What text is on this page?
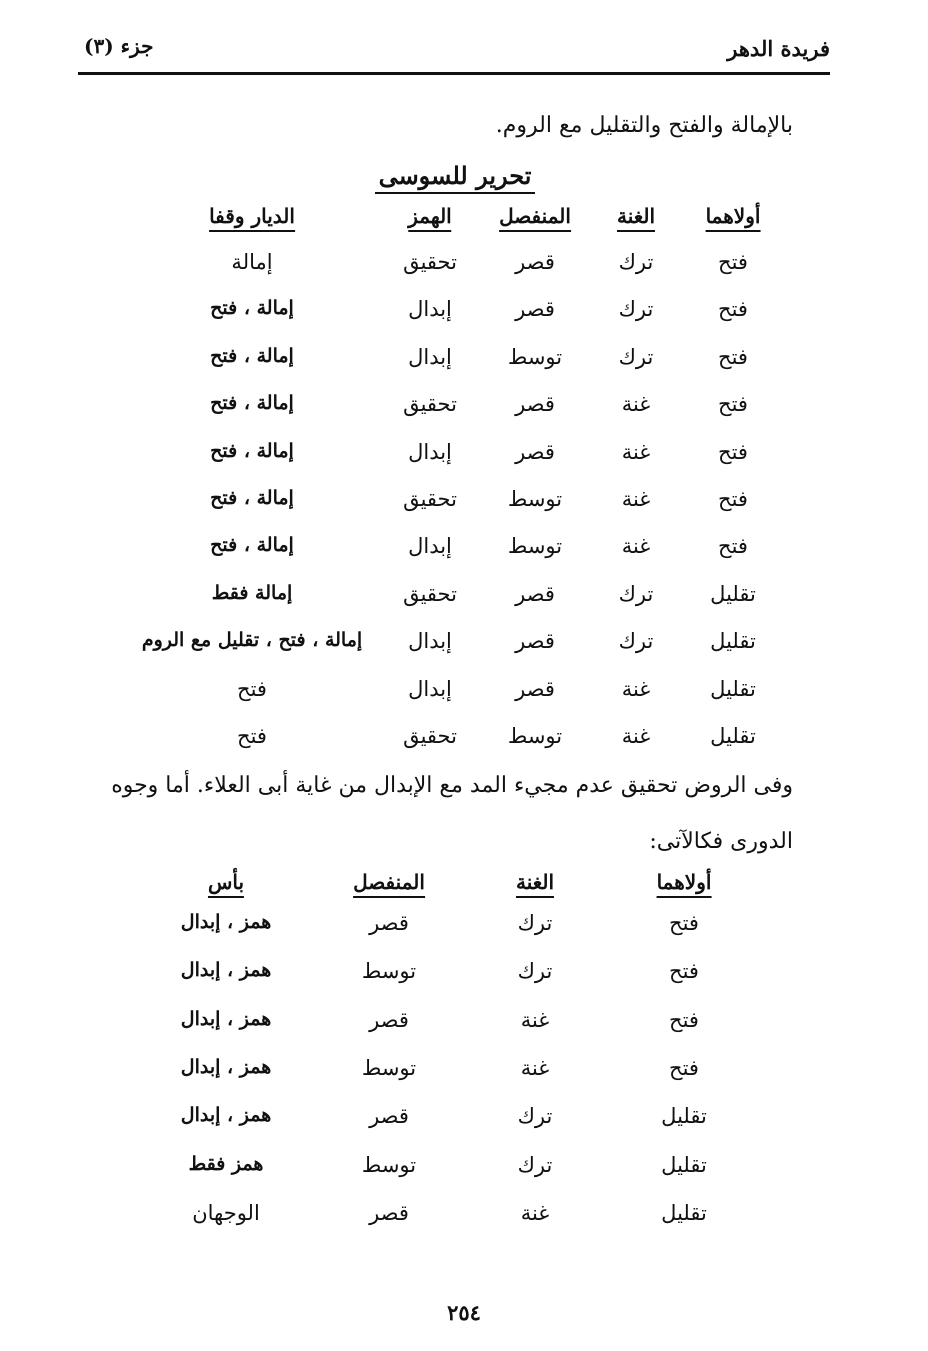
فريدة الدهر
جزء (٣)
بالإمالة والفتح والتقليل مع الروم.
تحرير للسوسى
وفى الروض تحقيق عدم مجيء المد مع الإبدال من غاية أبى العلاء. أما وجوه
الدورى فكالآتى:
٢٥٤
أولاهما
الغنة
المنفصل
الهمز
الديار وقفا
فتح
ترك
قصر
تحقيق
إمالة
فتح
ترك
قصر
إبدال
إمالة ، فتح
فتح
ترك
توسط
إبدال
إمالة ، فتح
فتح
غنة
قصر
تحقيق
إمالة ، فتح
فتح
غنة
قصر
إبدال
إمالة ، فتح
فتح
غنة
توسط
تحقيق
إمالة ، فتح
فتح
غنة
توسط
إبدال
إمالة ، فتح
تقليل
ترك
قصر
تحقيق
إمالة فقط
تقليل
ترك
قصر
إبدال
إمالة ، فتح ، تقليل مع الروم
تقليل
غنة
قصر
إبدال
فتح
تقليل
غنة
توسط
تحقيق
فتح
أولاهما
الغنة
المنفصل
بأس
فتح
ترك
قصر
همز ، إبدال
فتح
ترك
توسط
همز ، إبدال
فتح
غنة
قصر
همز ، إبدال
فتح
غنة
توسط
همز ، إبدال
تقليل
ترك
قصر
همز ، إبدال
تقليل
ترك
توسط
همز فقط
تقليل
غنة
قصر
الوجهان
